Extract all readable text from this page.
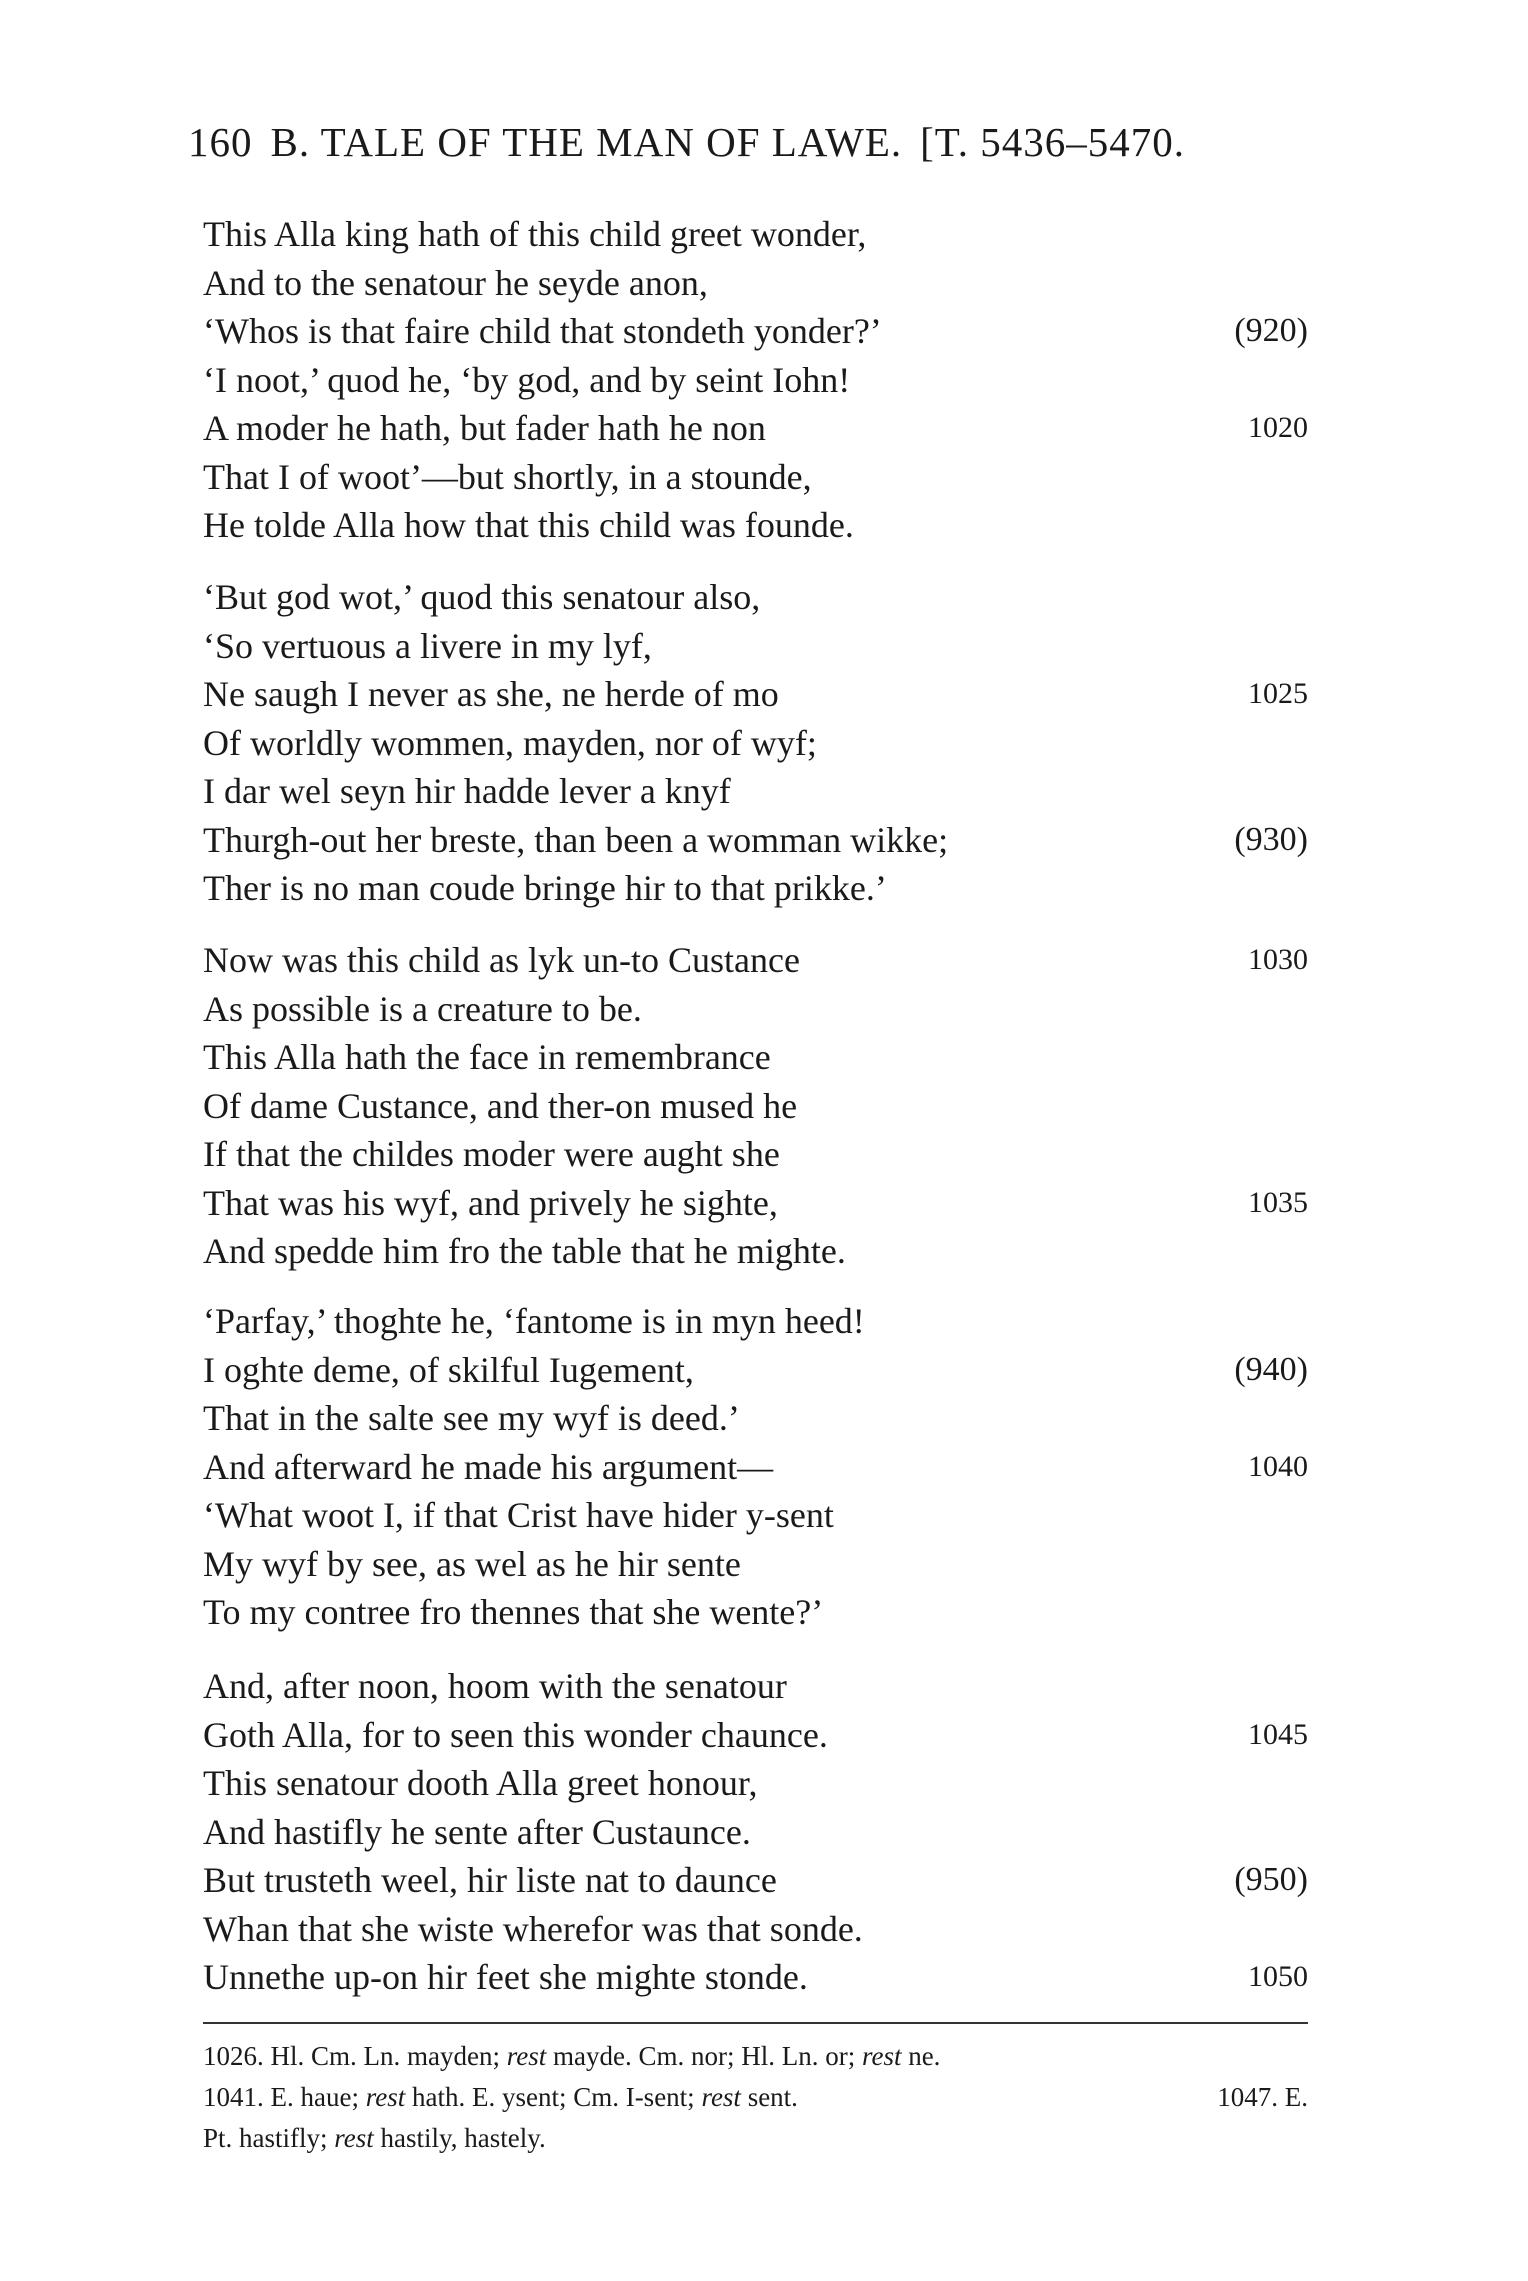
160 B. TALE OF THE MAN OF LAWE. [T. 5436–5470.
This Alla king hath of this child greet wonder,
And to the senatour he seyde anon,
‘Whos is that faire child that stondeth yonder?’	(920)
‘I noot,’ quod he, ‘by god, and by seint Iohn!
A moder he hath, but fader hath he non	1020
That I of woot’—but shortly, in a stounde,
He tolde Alla how that this child was founde.
‘But god wot,’ quod this senatour also,
‘So vertuous a livere in my lyf,
Ne saugh I never as she, ne herde of mo	1025
Of worldly wommen, mayden, nor of wyf;
I dar wel seyn hir hadde lever a knyf
Thurgh-out her breste, than been a womman wikke;	(930)
Ther is no man coude bringe hir to that prikke.’
Now was this child as lyk un-to Custance	1030
As possible is a creature to be.
This Alla hath the face in remembrance
Of dame Custance, and ther-on mused he
If that the childes moder were aught she
That was his wyf, and prively he sighte,	1035
And spedde him fro the table that he mighte.
‘Parfay,’ thoghte he, ‘fantome is in myn heed!
I oghte deme, of skilful Iugement,	(940)
That in the salte see my wyf is deed.’
And afterward he made his argument—	1040
‘What woot I, if that Crist have hider y-sent
My wyf by see, as wel as he hir sente
To my contree fro thennes that she wente?’
And, after noon, hoom with the senatour
Goth Alla, for to seen this wonder chaunce.	1045
This senatour dooth Alla greet honour,
And hastifly he sente after Custaunce.
But trusteth weel, hir liste nat to daunce	(950)
Whan that she wiste wherefor was that sonde.
Unnethe up-on hir feet she mighte stonde.	1050
1026. Hl. Cm. Ln. mayden; rest mayde. Cm. nor; Hl. Ln. or; rest ne.
1041. E. haue; rest hath. E. ysent; Cm. I-sent; rest sent.	1047. E.
Pt. hastifly; rest hastily, hastely.
